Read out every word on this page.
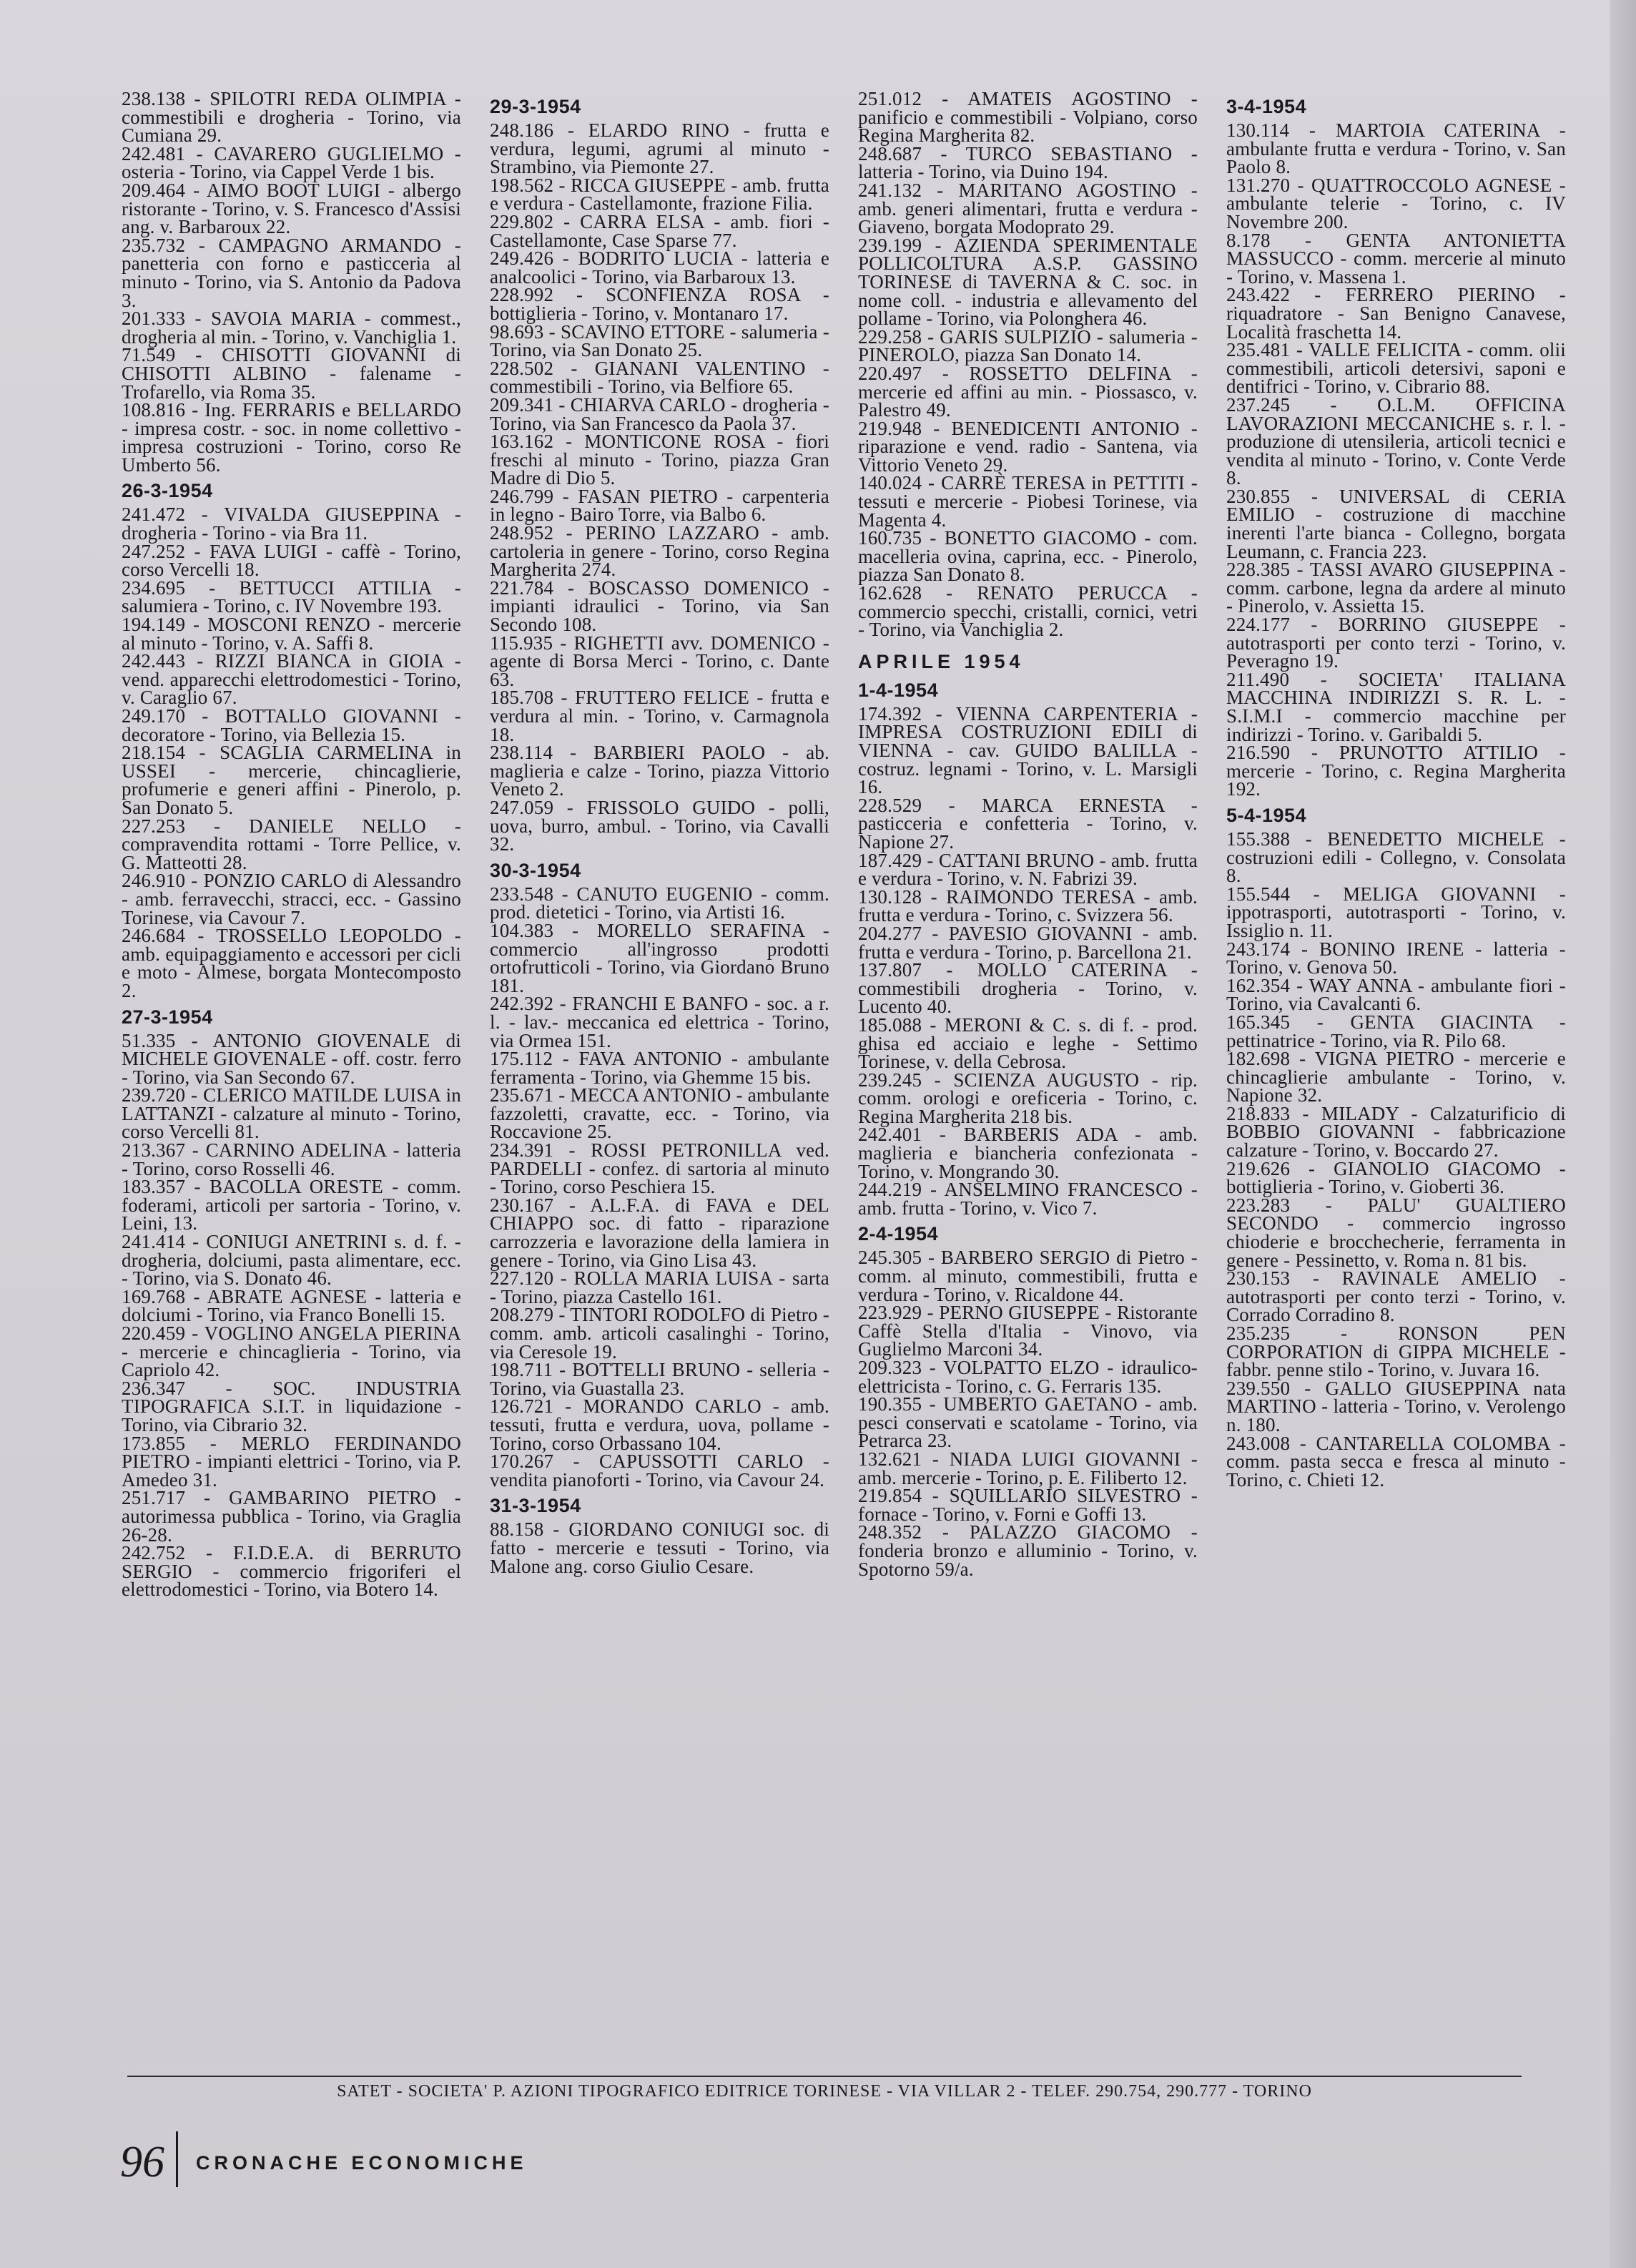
238.138 - SPILOTRI REDA OLIMPIA - commestibili e drogheria - Torino, via Cumiana 29.
242.481 - CAVARERO GUGLIELMO - osteria - Torino, via Cappel Verde 1 bis.
209.464 - AIMO BOOT LUIGI - albergo ristorante - Torino, v. S. Francesco d'Assisi ang. v. Barbaroux 22.
235.732 - CAMPAGNO ARMANDO - panetteria con forno e pasticceria al minuto - Torino, via S. Antonio da Padova 3.
201.333 - SAVOIA MARIA - commest., drogheria al min. - Torino, v. Vanchiglia 1.
71.549 - CHISOTTI GIOVANNI di CHISOTTI ALBINO - falename - Trofarello, via Roma 35.
108.816 - Ing. FERRARIS e BELLARDO - impresa costr. - soc. in nome collettivo - impresa costruzioni - Torino, corso Re Umberto 56.
26-3-1954
241.472 - VIVALDA GIUSEPPINA - drogheria - Torino - via Bra 11.
247.252 - FAVA LUIGI - caffè - Torino, corso Vercelli 18.
234.695 - BETTUCCI ATTILIA - salumiera - Torino, c. IV Novembre 193.
194.149 - MOSCONI RENZO - mercerie al minuto - Torino, v. A. Saffi 8.
242.443 - RIZZI BIANCA in GIOIA - vend. apparecchi elettrodomestici - Torino, v. Caraglio 67.
249.170 - BOTTALLO GIOVANNI - decoratore - Torino, via Bellezia 15.
218.154 - SCAGLIA CARMELINA in USSEI - mercerie, chincaglierie, profumerie e generi affini - Pinerolo, p. San Donato 5.
227.253 - DANIELE NELLO - compravendita rottami - Torre Pellice, v. G. Matteotti 28.
246.910 - PONZIO CARLO di Alessandro - amb. ferravecchi, stracci, ecc. - Gassino Torinese, via Cavour 7.
246.684 - TROSSELLO LEOPOLDO - amb. equipaggiamento e accessori per cicli e moto - Almese, borgata Montecomposto 2.
27-3-1954
51.335 - ANTONIO GIOVENALE di MICHELE GIOVENALE - off. costr. ferro - Torino, via San Secondo 67.
239.720 - CLERICO MATILDE LUISA in LATTANZI - calzature al minuto - Torino, corso Vercelli 81.
213.367 - CARNINO ADELINA - latteria - Torino, corso Rosselli 46.
183.357 - BACOLLA ORESTE - comm. foderami, articoli per sartoria - Torino, v. Leini, 13.
241.414 - CONIUGI ANETRINI s. d. f. - drogheria, dolciumi, pasta alimentare, ecc. - Torino, via S. Donato 46.
169.768 - ABRATE AGNESE - latteria e dolciumi - Torino, via Franco Bonelli 15.
220.459 - VOGLINO ANGELA PIERINA - mercerie e chincaglieria - Torino, via Capriolo 42.
236.347 - SOC. INDUSTRIA TIPOGRAFICA S.I.T. in liquidazione - Torino, via Cibrario 32.
173.855 - MERLO FERDINANDO PIETRO - impianti elettrici - Torino, via P. Amedeo 31.
251.717 - GAMBARINO PIETRO - autorimessa pubblica - Torino, via Graglia 26-28.
242.752 - F.I.D.E.A. di BERRUTO SERGIO - commercio frigoriferi el elettrodomestici - Torino, via Botero 14.
29-3-1954
248.186 - ELARDO RINO - frutta e verdura, legumi, agrumi al minuto - Strambino, via Piemonte 27.
198.562 - RICCA GIUSEPPE - amb. frutta e verdura - Castellamonte, frazione Filia.
229.802 - CARRA ELSA - amb. fiori - Castellamonte, Case Sparse 77.
249.426 - BODRITO LUCIA - latteria e analcoolici - Torino, via Barbaroux 13.
228.992 - SCONFIENZA ROSA - bottiglieria - Torino, v. Montanaro 17.
98.693 - SCAVINO ETTORE - salumeria - Torino, via San Donato 25.
228.502 - GIANANI VALENTINO - commestibili - Torino, via Belfiore 65.
209.341 - CHIARVA CARLO - drogheria - Torino, via San Francesco da Paola 37.
163.162 - MONTICONE ROSA - fiori freschi al minuto - Torino, piazza Gran Madre di Dio 5.
246.799 - FASAN PIETRO - carpenteria in legno - Bairo Torre, via Balbo 6.
248.952 - PERINO LAZZARO - amb. cartoleria in genere - Torino, corso Regina Margherita 274.
221.784 - BOSCASSO DOMENICO - impianti idraulici - Torino, via San Secondo 108.
115.935 - RIGHETTI avv. DOMENICO - agente di Borsa Merci - Torino, c. Dante 63.
185.708 - FRUTTERO FELICE - frutta e verdura al min. - Torino, v. Carmagnola 18.
238.114 - BARBIERI PAOLO - ab. maglieria e calze - Torino, piazza Vittorio Veneto 2.
247.059 - FRISSOLO GUIDO - polli, uova, burro, ambul. - Torino, via Cavalli 32.
30-3-1954
233.548 - CANUTO EUGENIO - comm. prod. dietetici - Torino, via Artisti 16.
104.383 - MORELLO SERAFINA - commercio all'ingrosso prodotti ortofrutticoli - Torino, via Giordano Bruno 181.
242.392 - FRANCHI E BANFO - soc. a r. l. - lav.- meccanica ed elettrica - Torino, via Ormea 151.
175.112 - FAVA ANTONIO - ambulante ferramenta - Torino, via Ghemme 15 bis.
235.671 - MECCA ANTONIO - ambulante fazzoletti, cravatte, ecc. - Torino, via Roccavione 25.
234.391 - ROSSI PETRONILLA ved. PARDELLI - confez. di sartoria al minuto - Torino, corso Peschiera 15.
230.167 - A.L.F.A. di FAVA e DEL CHIAPPO soc. di fatto - riparazione carrozzeria e lavorazione della lamiera in genere - Torino, via Gino Lisa 43.
227.120 - ROLLA MARIA LUISA - sarta - Torino, piazza Castello 161.
208.279 - TINTORI RODOLFO di Pietro - comm. amb. articoli casalinghi - Torino, via Ceresole 19.
198.711 - BOTTELLI BRUNO - selleria - Torino, via Guastalla 23.
126.721 - MORANDO CARLO - amb. tessuti, frutta e verdura, uova, pollame - Torino, corso Orbassano 104.
170.267 - CAPUSSOTTI CARLO - vendita pianoforti - Torino, via Cavour 24.
31-3-1954
88.158 - GIORDANO CONIUGI soc. di fatto - mercerie e tessuti - Torino, via Malone ang. corso Giulio Cesare.
251.012 - AMATEIS AGOSTINO - panificio e commestibili - Volpiano, corso Regina Margherita 82.
248.687 - TURCO SEBASTIANO - latteria - Torino, via Duino 194.
241.132 - MARITANO AGOSTINO - amb. generi alimentari, frutta e verdura - Giaveno, borgata Modoprato 29.
239.199 - AZIENDA SPERIMENTALE POLLICOLTURA A.S.P. GASSINO TORINESE di TAVERNA & C. soc. in nome coll. - industria e allevamento del pollame - Torino, via Polonghera 46.
229.258 - GARIS SULPIZIO - salumeria - PINEROLO, piazza San Donato 14.
220.497 - ROSSETTO DELFINA - mercerie ed affini au min. - Piossasco, v. Palestro 49.
219.948 - BENEDICENTI ANTONIO - riparazione e vend. radio - Santena, via Vittorio Veneto 29.
140.024 - CARRÈ TERESA in PETTITI - tessuti e mercerie - Piobesi Torinese, via Magenta 4.
160.735 - BONETTO GIACOMO - com. macelleria ovina, caprina, ecc. - Pinerolo, piazza San Donato 8.
162.628 - RENATO PERUCCA - commercio specchi, cristalli, cornici, vetri - Torino, via Vanchiglia 2.
APRILE 1954
1-4-1954
174.392 - VIENNA CARPENTERIA - IMPRESA COSTRUZIONI EDILI di VIENNA - cav. GUIDO BALILLA - costruz. legnami - Torino, v. L. Marsigli 16.
228.529 - MARCA ERNESTA - pasticceria e confetteria - Torino, v. Napione 27.
187.429 - CATTANI BRUNO - amb. frutta e verdura - Torino, v. N. Fabrizi 39.
130.128 - RAIMONDO TERESA - amb. frutta e verdura - Torino, c. Svizzera 56.
204.277 - PAVESIO GIOVANNI - amb. frutta e verdura - Torino, p. Barcellona 21.
137.807 - MOLLO CATERINA - commestibili drogheria - Torino, v. Lucento 40.
185.088 - MERONI & C. s. di f. - prod. ghisa ed acciaio e leghe - Settimo Torinese, v. della Cebrosa.
239.245 - SCIENZA AUGUSTO - rip. comm. orologi e oreficeria - Torino, c. Regina Margherita 218 bis.
242.401 - BARBERIS ADA - amb. maglieria e biancheria confezionata - Torino, v. Mongrando 30.
244.219 - ANSELMINO FRANCESCO - amb. frutta - Torino, v. Vico 7.
2-4-1954
245.305 - BARBERO SERGIO di Pietro - comm. al minuto, commestibili, frutta e verdura - Torino, v. Ricaldone 44.
223.929 - PERNO GIUSEPPE - Ristorante Caffè Stella d'Italia - Vinovo, via Guglielmo Marconi 34.
209.323 - VOLPATTO ELZO - idraulico-elettricista - Torino, c. G. Ferraris 135.
190.355 - UMBERTO GAETANO - amb. pesci conservati e scatolame - Torino, via Petrarca 23.
132.621 - NIADA LUIGI GIOVANNI - amb. mercerie - Torino, p. E. Filiberto 12.
219.854 - SQUILLARIO SILVESTRO - fornace - Torino, v. Forni e Goffi 13.
248.352 - PALAZZO GIACOMO - fonderia bronzo e alluminio - Torino, v. Spotorno 59/a.
3-4-1954
130.114 - MARTOIA CATERINA - ambulante frutta e verdura - Torino, v. San Paolo 8.
131.270 - QUATTROCCOLO AGNESE - ambulante telerie - Torino, c. IV Novembre 200.
8.178 - GENTA ANTONIETTA MASSUCCO - comm. mercerie al minuto - Torino, v. Massena 1.
243.422 - FERRERO PIERINO - riquadratore - San Benigno Canavese, Località fraschetta 14.
235.481 - VALLE FELICITA - comm. olii commestibili, articoli detersivi, saponi e dentifrici - Torino, v. Cibrario 88.
237.245 - O.L.M. OFFICINA LAVORAZIONI MECCANICHE s. r. l. - produzione di utensileria, articoli tecnici e vendita al minuto - Torino, v. Conte Verde 8.
230.855 - UNIVERSAL di CERIA EMILIO - costruzione di macchine inerenti l'arte bianca - Collegno, borgata Leumann, c. Francia 223.
228.385 - TASSI AVARO GIUSEPPINA - comm. carbone, legna da ardere al minuto - Pinerolo, v. Assietta 15.
224.177 - BORRINO GIUSEPPE - autotrasporti per conto terzi - Torino, v. Peveragno 19.
211.490 - SOCIETA' ITALIANA MACCHINA INDIRIZZI S. R. L. - S.I.M.I - commercio macchine per indirizzi - Torino. v. Garibaldi 5.
216.590 - PRUNOTTO ATTILIO - mercerie - Torino, c. Regina Margherita 192.
5-4-1954
155.388 - BENEDETTO MICHELE - costruzioni edili - Collegno, v. Consolata 8.
155.544 - MELIGA GIOVANNI - ippotrasporti, autotrasporti - Torino, v. Issiglio n. 11.
243.174 - BONINO IRENE - latteria - Torino, v. Genova 50.
162.354 - WAY ANNA - ambulante fiori - Torino, via Cavalcanti 6.
165.345 - GENTA GIACINTA - pettinatrice - Torino, via R. Pilo 68.
182.698 - VIGNA PIETRO - mercerie e chincaglierie ambulante - Torino, v. Napione 32.
218.833 - MILADY - Calzaturificio di BOBBIO GIOVANNI - fabbricazione calzature - Torino, v. Boccardo 27.
219.626 - GIANOLIO GIACOMO - bottiglieria - Torino, v. Gioberti 36.
223.283 - PALU' GUALTIERO SECONDO - commercio ingrosso chioderie e brocchecherie, ferramenta in genere - Pessinetto, v. Roma n. 81 bis.
230.153 - RAVINALE AMELIO - autotrasporti per conto terzi - Torino, v. Corrado Corradino 8.
235.235 - RONSON PEN CORPORATION di GIPPA MICHELE - fabbr. penne stilo - Torino, v. Juvara 16.
239.550 - GALLO GIUSEPPINA nata MARTINO - latteria - Torino, v. Verolengo n. 180.
243.008 - CANTARELLA COLOMBA - comm. pasta secca e fresca al minuto - Torino, c. Chieti 12.
SATET - SOCIETA' P. AZIONI TIPOGRAFICO EDITRICE TORINESE - VIA VILLAR 2 - TELEF. 290.754, 290.777 - TORINO
96 CRONACHE ECONOMICHE
